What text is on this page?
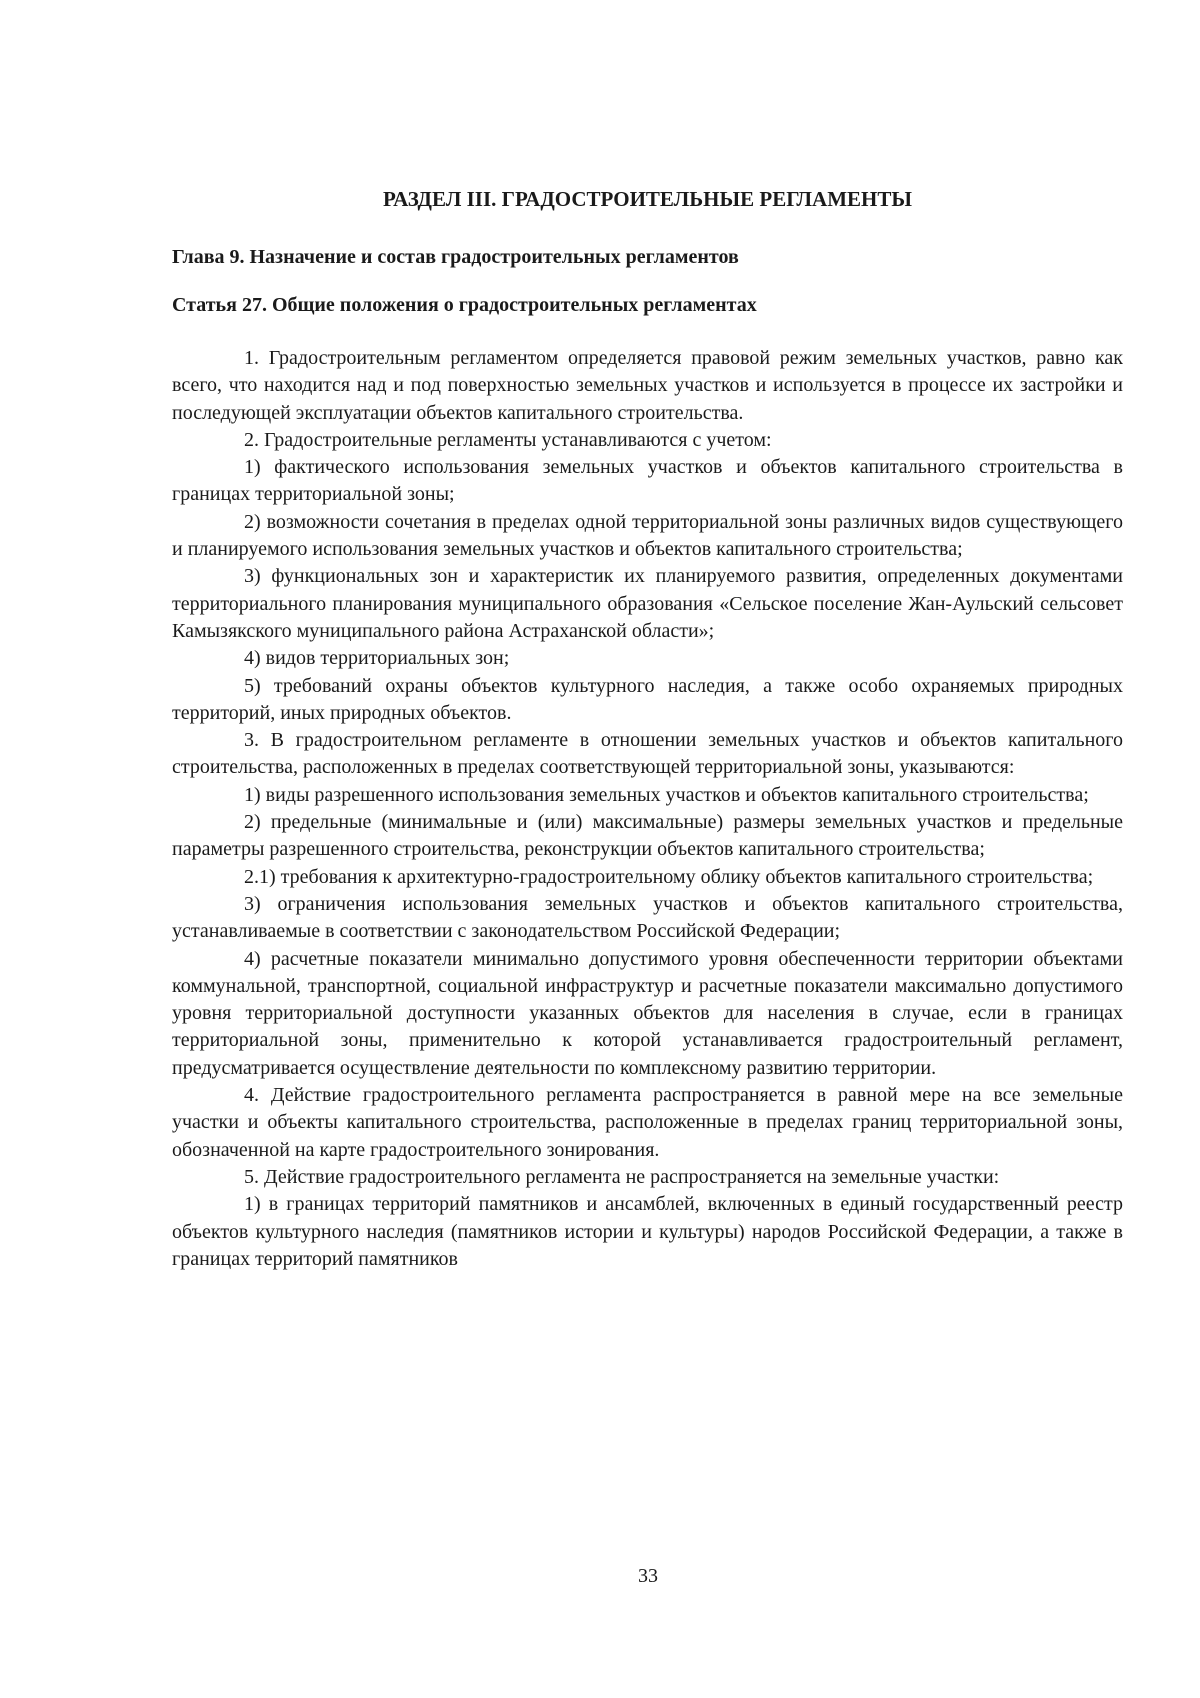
РАЗДЕЛ III. ГРАДОСТРОИТЕЛЬНЫЕ РЕГЛАМЕНТЫ
Глава 9. Назначение и состав градостроительных регламентов
Статья 27. Общие положения о градостроительных регламентах

1. Градостроительным регламентом определяется правовой режим земельных участков, равно как всего, что находится над и под поверхностью земельных участков и используется в процессе их застройки и последующей эксплуатации объектов капитального строительства.

2. Градостроительные регламенты устанавливаются с учетом:

1) фактического использования земельных участков и объектов капитального строительства в границах территориальной зоны;

2) возможности сочетания в пределах одной территориальной зоны различных видов существующего и планируемого использования земельных участков и объектов капитального строительства;

3) функциональных зон и характеристик их планируемого развития, определенных документами территориального планирования муниципального образования «Сельское поселение Жан-Аульский сельсовет Камызякского муниципального района Астраханской области»;

4) видов территориальных зон;

5) требований охраны объектов культурного наследия, а также особо охраняемых природных территорий, иных природных объектов.

3. В градостроительном регламенте в отношении земельных участков и объектов капитального строительства, расположенных в пределах соответствующей территориальной зоны, указываются:

1) виды разрешенного использования земельных участков и объектов капитального строительства;

2) предельные (минимальные и (или) максимальные) размеры земельных участков и предельные параметры разрешенного строительства, реконструкции объектов капитального строительства;

2.1) требования к архитектурно-градостроительному облику объектов капитального строительства;

3) ограничения использования земельных участков и объектов капитального строительства, устанавливаемые в соответствии с законодательством Российской Федерации;

4) расчетные показатели минимально допустимого уровня обеспеченности территории объектами коммунальной, транспортной, социальной инфраструктур и расчетные показатели максимально допустимого уровня территориальной доступности указанных объектов для населения в случае, если в границах территориальной зоны, применительно к которой устанавливается градостроительный регламент, предусматривается осуществление деятельности по комплексному развитию территории.

4. Действие градостроительного регламента распространяется в равной мере на все земельные участки и объекты капитального строительства, расположенные в пределах границ территориальной зоны, обозначенной на карте градостроительного зонирования.

5. Действие градостроительного регламента не распространяется на земельные участки:

1) в границах территорий памятников и ансамблей, включенных в единый государственный реестр объектов культурного наследия (памятников истории и культуры) народов Российской Федерации, а также в границах территорий памятников

33
